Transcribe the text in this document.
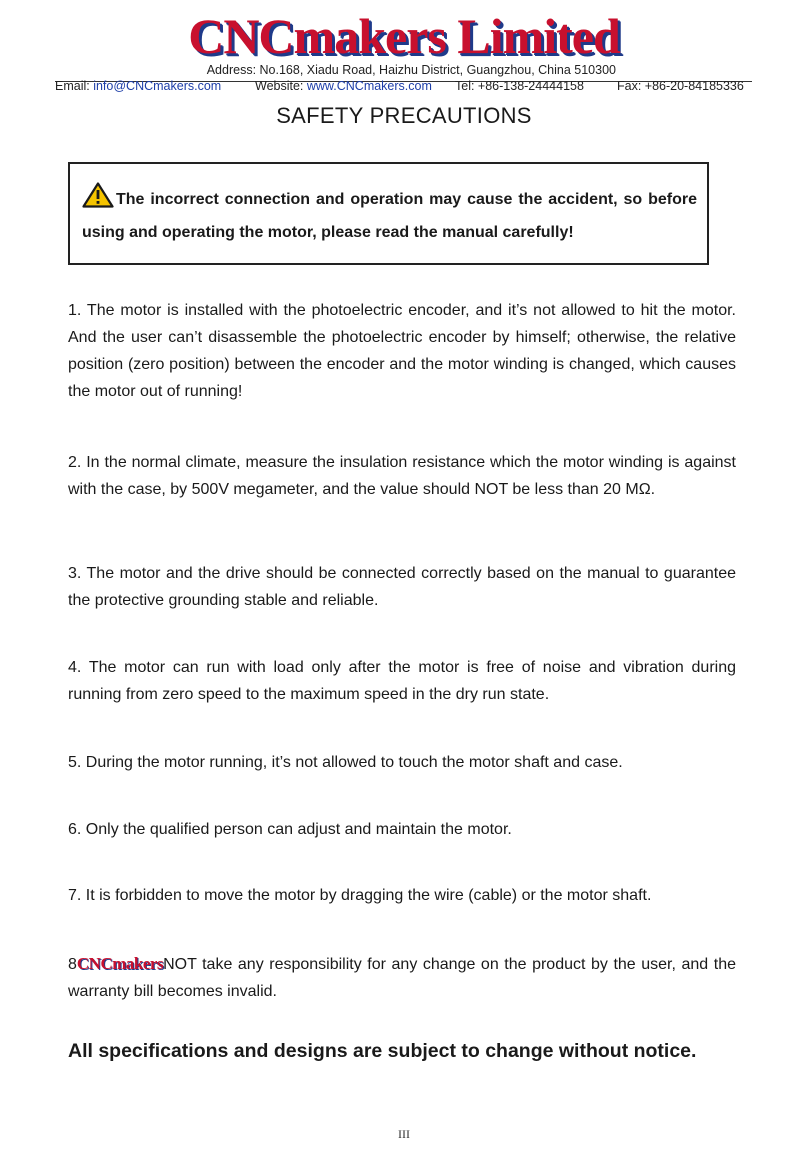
CNCmakers Limited
Address: No.168, Xiadu Road, Haizhu District, Guangzhou, China 510300
Email: info@CNCmakers.com	Website: www.CNCmakers.com Tel: +86-138-24444158	Fax: +86-20-84185336
SAFETY PRECAUTIONS
The incorrect connection and operation may cause the accident, so before using and operating the motor, please read the manual carefully!
1. The motor is installed with the photoelectric encoder, and it’s not allowed to hit the motor. And the user can’t disassemble the photoelectric encoder by himself; otherwise, the relative position (zero position) between the encoder and the motor winding is changed, which causes the motor out of running!
2. In the normal climate, measure the insulation resistance which the motor winding is against with the case, by 500V megameter, and the value should NOT be less than 20 MΩ.
3. The motor and the drive should be connected correctly based on the manual to guarantee the protective grounding stable and reliable.
4. The motor can run with load only after the motor is free of noise and vibration during running from zero speed to the maximum speed in the dry run state.
5. During the motor running, it’s not allowed to touch the motor shaft and case.
6. Only the qualified person can adjust and maintain the motor.
7. It is forbidden to move the motor by dragging the wire (cable) or the motor shaft.
8CNCmakersNOT take any responsibility for any change on the product by the user, and the warranty bill becomes invalid.
All specifications and designs are subject to change without notice.
III
